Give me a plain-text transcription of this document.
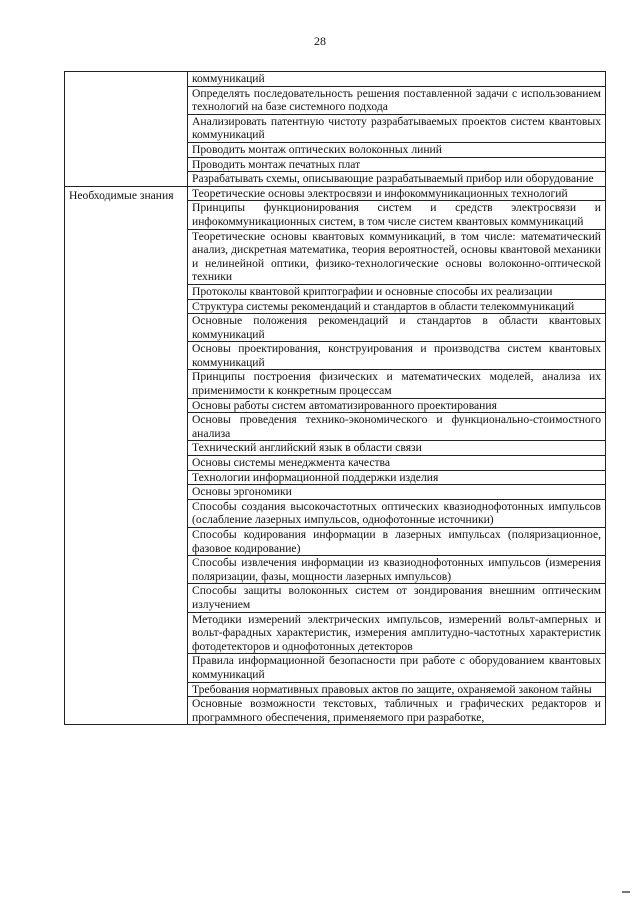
28
	коммуникаций
	Определять последовательность решения поставленной задачи с использованием технологий на базе системного подхода
	Анализировать патентную чистоту разрабатываемых проектов систем квантовых коммуникаций
	Проводить монтаж оптических волоконных линий
	Проводить монтаж печатных плат
	Разрабатывать схемы, описывающие разрабатываемый прибор или оборудование
Необходимые знания	Теоретические основы электросвязи и инфокоммуникационных технологий
	Принципы функционирования систем и средств электросвязи и инфокоммуникационных систем, в том числе систем квантовых коммуникаций
	Теоретические основы квантовых коммуникаций, в том числе: математический анализ, дискретная математика, теория вероятностей, основы квантовой механики и нелинейной оптики, физико-технологические основы волоконно-оптической техники
	Протоколы квантовой криптографии и основные способы их реализации
	Структура системы рекомендаций и стандартов в области телекоммуникаций
	Основные положения рекомендаций и стандартов в области квантовых коммуникаций
	Основы проектирования, конструирования и производства систем квантовых коммуникаций
	Принципы построения физических и математических моделей, анализа их применимости к конкретным процессам
	Основы работы систем автоматизированного проектирования
	Основы проведения технико-экономического и функционально-стоимостного анализа
	Технический английский язык в области связи
	Основы системы менеджмента качества
	Технологии информационной поддержки изделия
	Основы эргономики
	Способы создания высокочастотных оптических квазиоднофотонных импульсов (ослабление лазерных импульсов, однофотонные источники)
	Способы кодирования информации в лазерных импульсах (поляризационное, фазовое кодирование)
	Способы извлечения информации из квазиоднофотонных импульсов (измерения поляризации, фазы, мощности лазерных импульсов)
	Способы защиты волоконных систем от зондирования внешним оптическим излучением
	Методики измерений электрических импульсов, измерений вольт-амперных и вольт-фарадных характеристик, измерения амплитудно-частотных характеристик фотодетекторов и однофотонных детекторов
	Правила информационной безопасности при работе с оборудованием квантовых коммуникаций
	Требования нормативных правовых актов по защите, охраняемой законом тайны
	Основные возможности текстовых, табличных и графических редакторов и программного обеспечения, применяемого при разработке,
